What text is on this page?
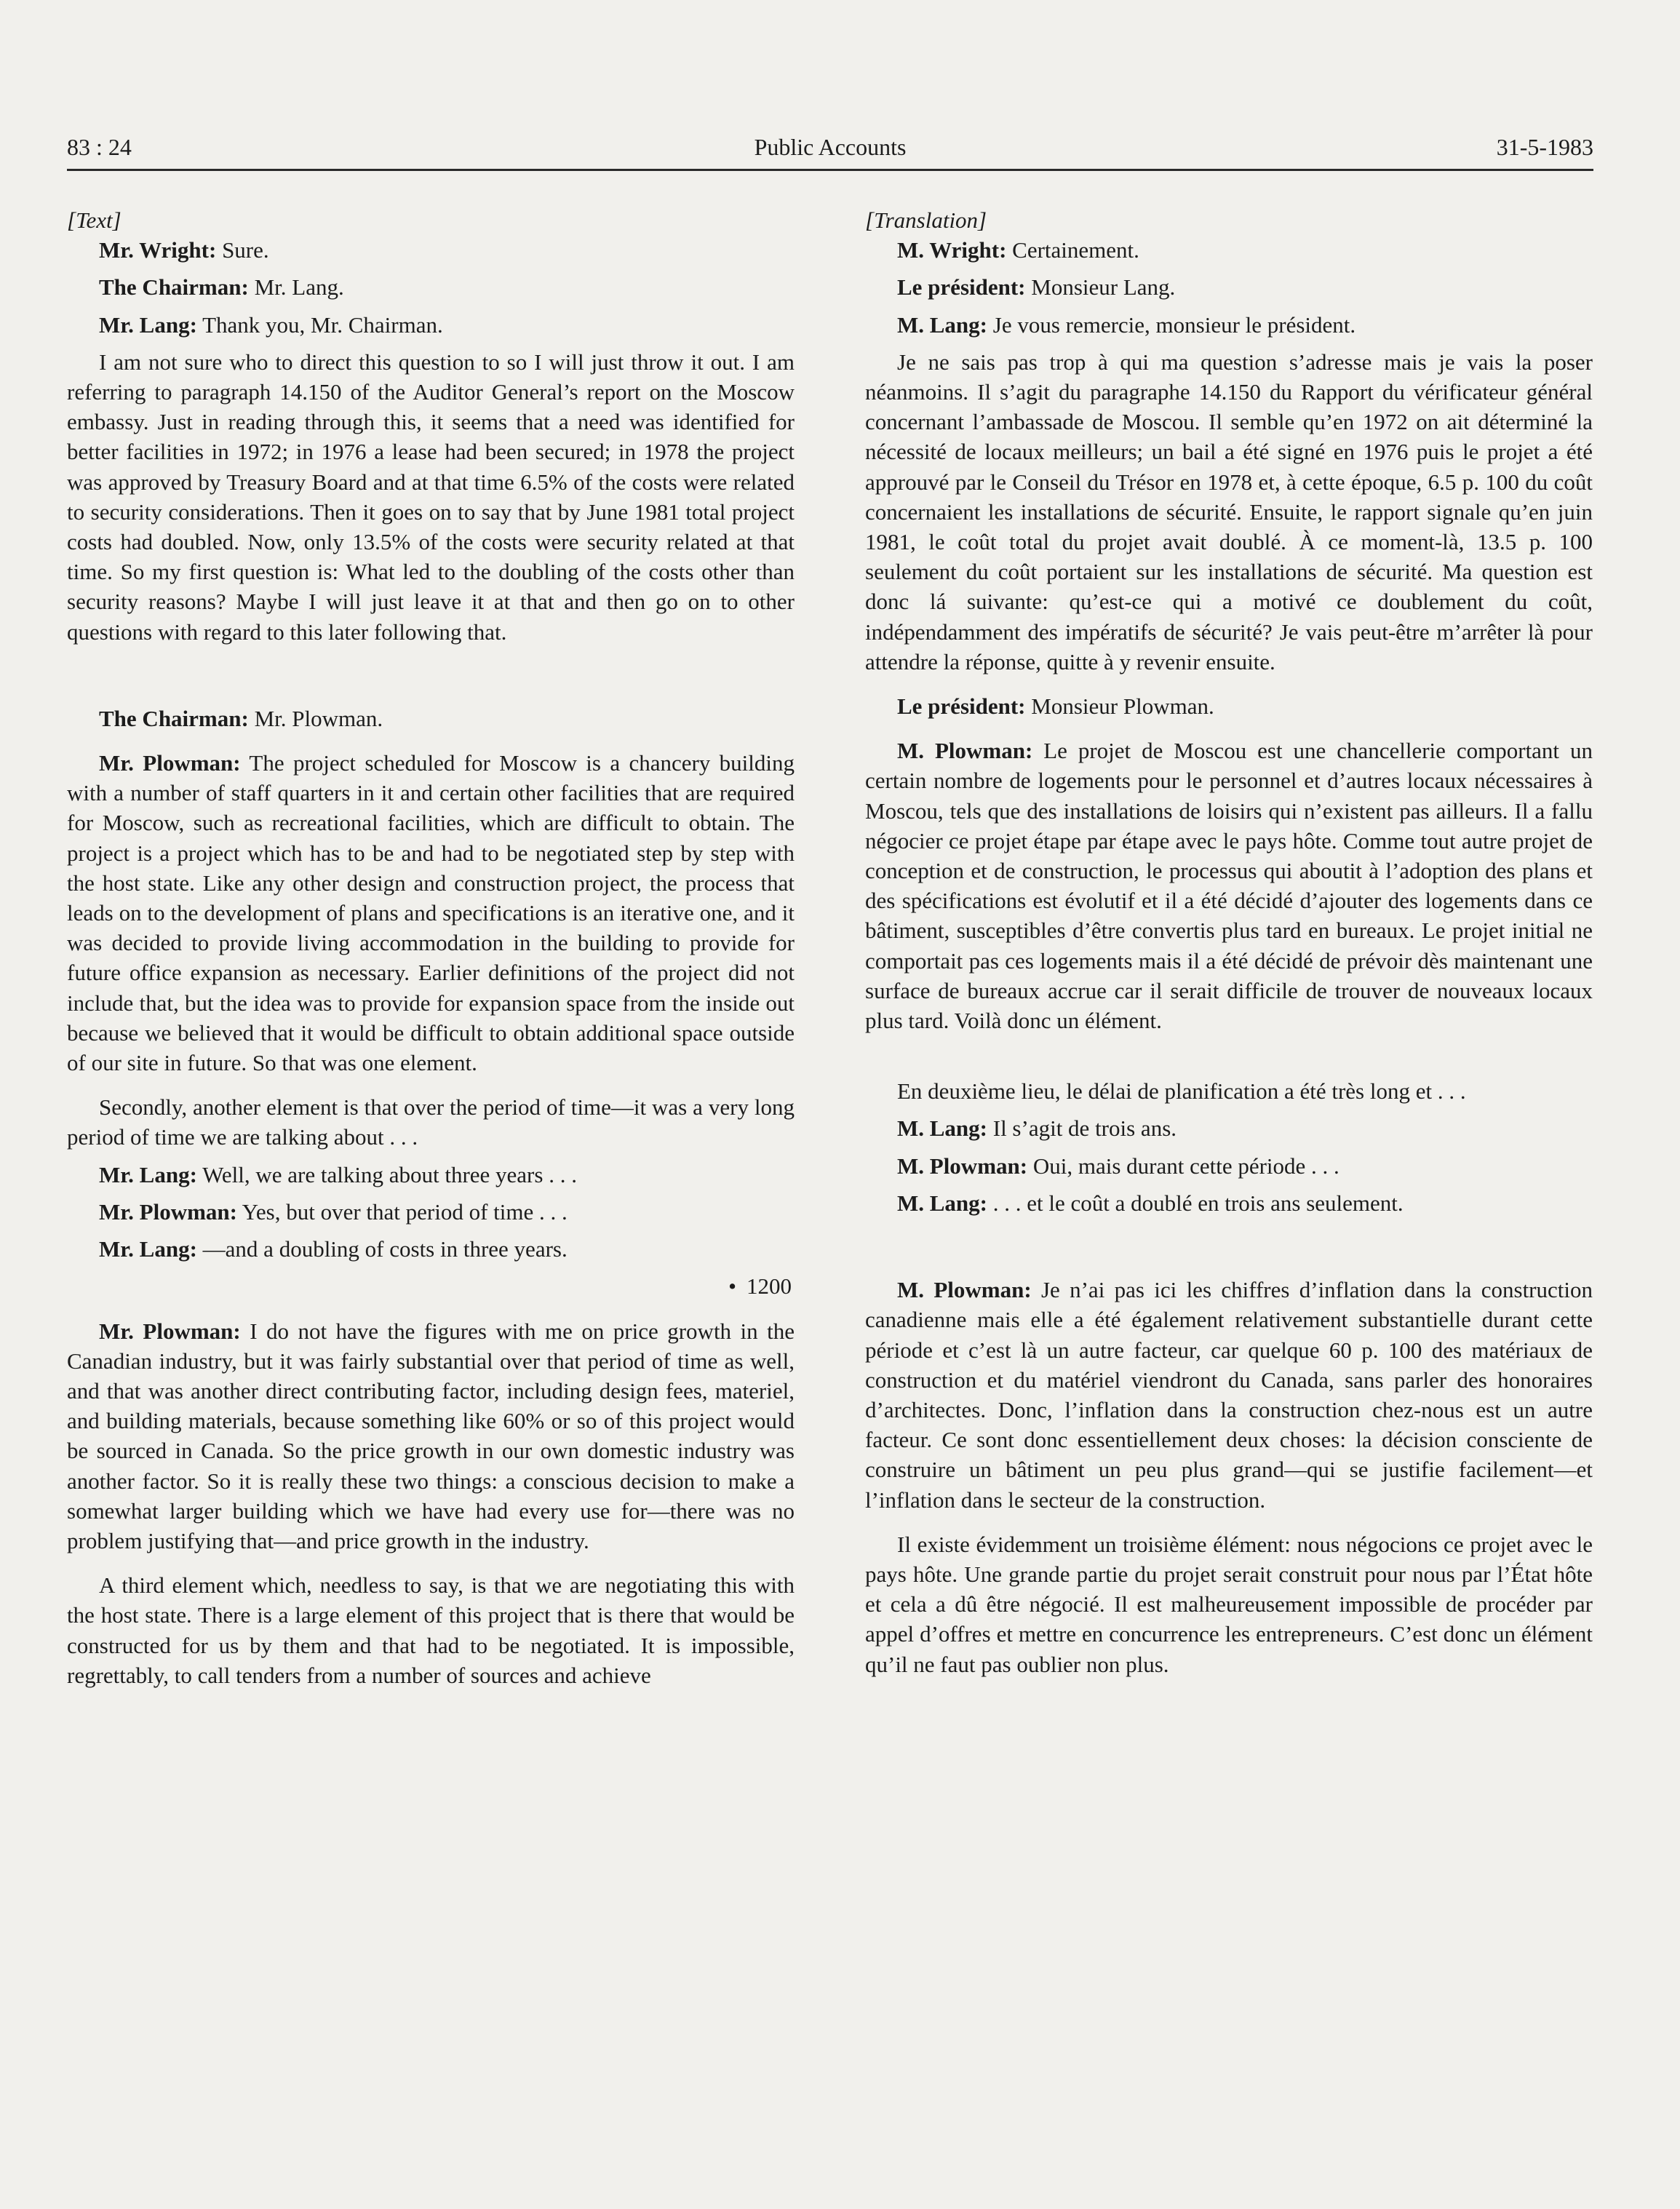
83 : 24	Public Accounts	31-5-1983

[Text]

Mr. Wright: Sure.

The Chairman: Mr. Lang.

Mr. Lang: Thank you, Mr. Chairman.

I am not sure who to direct this question to so I will just throw it out. I am referring to paragraph 14.150 of the Auditor General’s report on the Moscow embassy. Just in reading through this, it seems that a need was identified for better facilities in 1972; in 1976 a lease had been secured; in 1978 the project was approved by Treasury Board and at that time 6.5% of the costs were related to security considerations. Then it goes on to say that by June 1981 total project costs had doubled. Now, only 13.5% of the costs were security related at that time. So my first question is: What led to the doubling of the costs other than security reasons? Maybe I will just leave it at that and then go on to other questions with regard to this later following that.

The Chairman: Mr. Plowman.

Mr. Plowman: The project scheduled for Moscow is a chancery building with a number of staff quarters in it and certain other facilities that are required for Moscow, such as recreational facilities, which are difficult to obtain. The project is a project which has to be and had to be negotiated step by step with the host state. Like any other design and construction project, the process that leads on to the development of plans and specifications is an iterative one, and it was decided to provide living accommodation in the building to provide for future office expansion as necessary. Earlier definitions of the project did not include that, but the idea was to provide for expansion space from the inside out because we believed that it would be difficult to obtain additional space outside of our site in future. So that was one element.

Secondly, another element is that over the period of time—it was a very long period of time we are talking about . . .

Mr. Lang: Well, we are talking about three years . . .

Mr. Plowman: Yes, but over that period of time . . .

Mr. Lang: —and a doubling of costs in three years.

• 1200

Mr. Plowman: I do not have the figures with me on price growth in the Canadian industry, but it was fairly substantial over that period of time as well, and that was another direct contributing factor, including design fees, materiel, and building materials, because something like 60% or so of this project would be sourced in Canada. So the price growth in our own domestic industry was another factor. So it is really these two things: a conscious decision to make a somewhat larger building which we have had every use for—there was no problem justifying that—and price growth in the industry.

A third element which, needless to say, is that we are negotiating this with the host state. There is a large element of this project that is there that would be constructed for us by them and that had to be negotiated. It is impossible, regrettably, to call tenders from a number of sources and achieve

[Translation]

M. Wright: Certainement.

Le président: Monsieur Lang.

M. Lang: Je vous remercie, monsieur le président.

Je ne sais pas trop à qui ma question s’adresse mais je vais la poser néanmoins. Il s’agit du paragraphe 14.150 du Rapport du vérificateur général concernant l’ambassade de Moscou. Il semble qu’en 1972 on ait déterminé la nécessité de locaux meilleurs; un bail a été signé en 1976 puis le projet a été approuvé par le Conseil du Trésor en 1978 et, à cette époque, 6.5 p. 100 du coût concernaient les installations de sécurité. Ensuite, le rapport signale qu’en juin 1981, le coût total du projet avait doublé. À ce moment-là, 13.5 p. 100 seulement du coût portaient sur les installations de sécurité. Ma question est donc lá suivante: qu’est-ce qui a motivé ce doublement du coût, indépendamment des impératifs de sécurité? Je vais peut-être m’arrêter là pour attendre la réponse, quitte à y revenir ensuite.

Le président: Monsieur Plowman.

M. Plowman: Le projet de Moscou est une chancellerie comportant un certain nombre de logements pour le personnel et d’autres locaux nécessaires à Moscou, tels que des installations de loisirs qui n’existent pas ailleurs. Il a fallu négocier ce projet étape par étape avec le pays hôte. Comme tout autre projet de conception et de construction, le processus qui aboutit à l’adoption des plans et des spécifications est évolutif et il a été décidé d’ajouter des logements dans ce bâtiment, susceptibles d’être convertis plus tard en bureaux. Le projet initial ne comportait pas ces logements mais il a été décidé de prévoir dès maintenant une surface de bureaux accrue car il serait difficile de trouver de nouveaux locaux plus tard. Voilà donc un élément.

En deuxième lieu, le délai de planification a été très long et . . .

M. Lang: Il s’agit de trois ans.

M. Plowman: Oui, mais durant cette période . . .

M. Lang: . . . et le coût a doublé en trois ans seulement.

M. Plowman: Je n’ai pas ici les chiffres d’inflation dans la construction canadienne mais elle a été également relativement substantielle durant cette période et c’est là un autre facteur, car quelque 60 p. 100 des matériaux de construction et du matériel viendront du Canada, sans parler des honoraires d’architectes. Donc, l’inflation dans la construction chez-nous est un autre facteur. Ce sont donc essentiellement deux choses: la décision consciente de construire un bâtiment un peu plus grand—qui se justifie facilement—et l’inflation dans le secteur de la construction.

Il existe évidemment un troisième élément: nous négocions ce projet avec le pays hôte. Une grande partie du projet serait construit pour nous par l’État hôte et cela a dû être négocié. Il est malheureusement impossible de procéder par appel d’offres et mettre en concurrence les entrepreneurs. C’est donc un élément qu’il ne faut pas oublier non plus.
